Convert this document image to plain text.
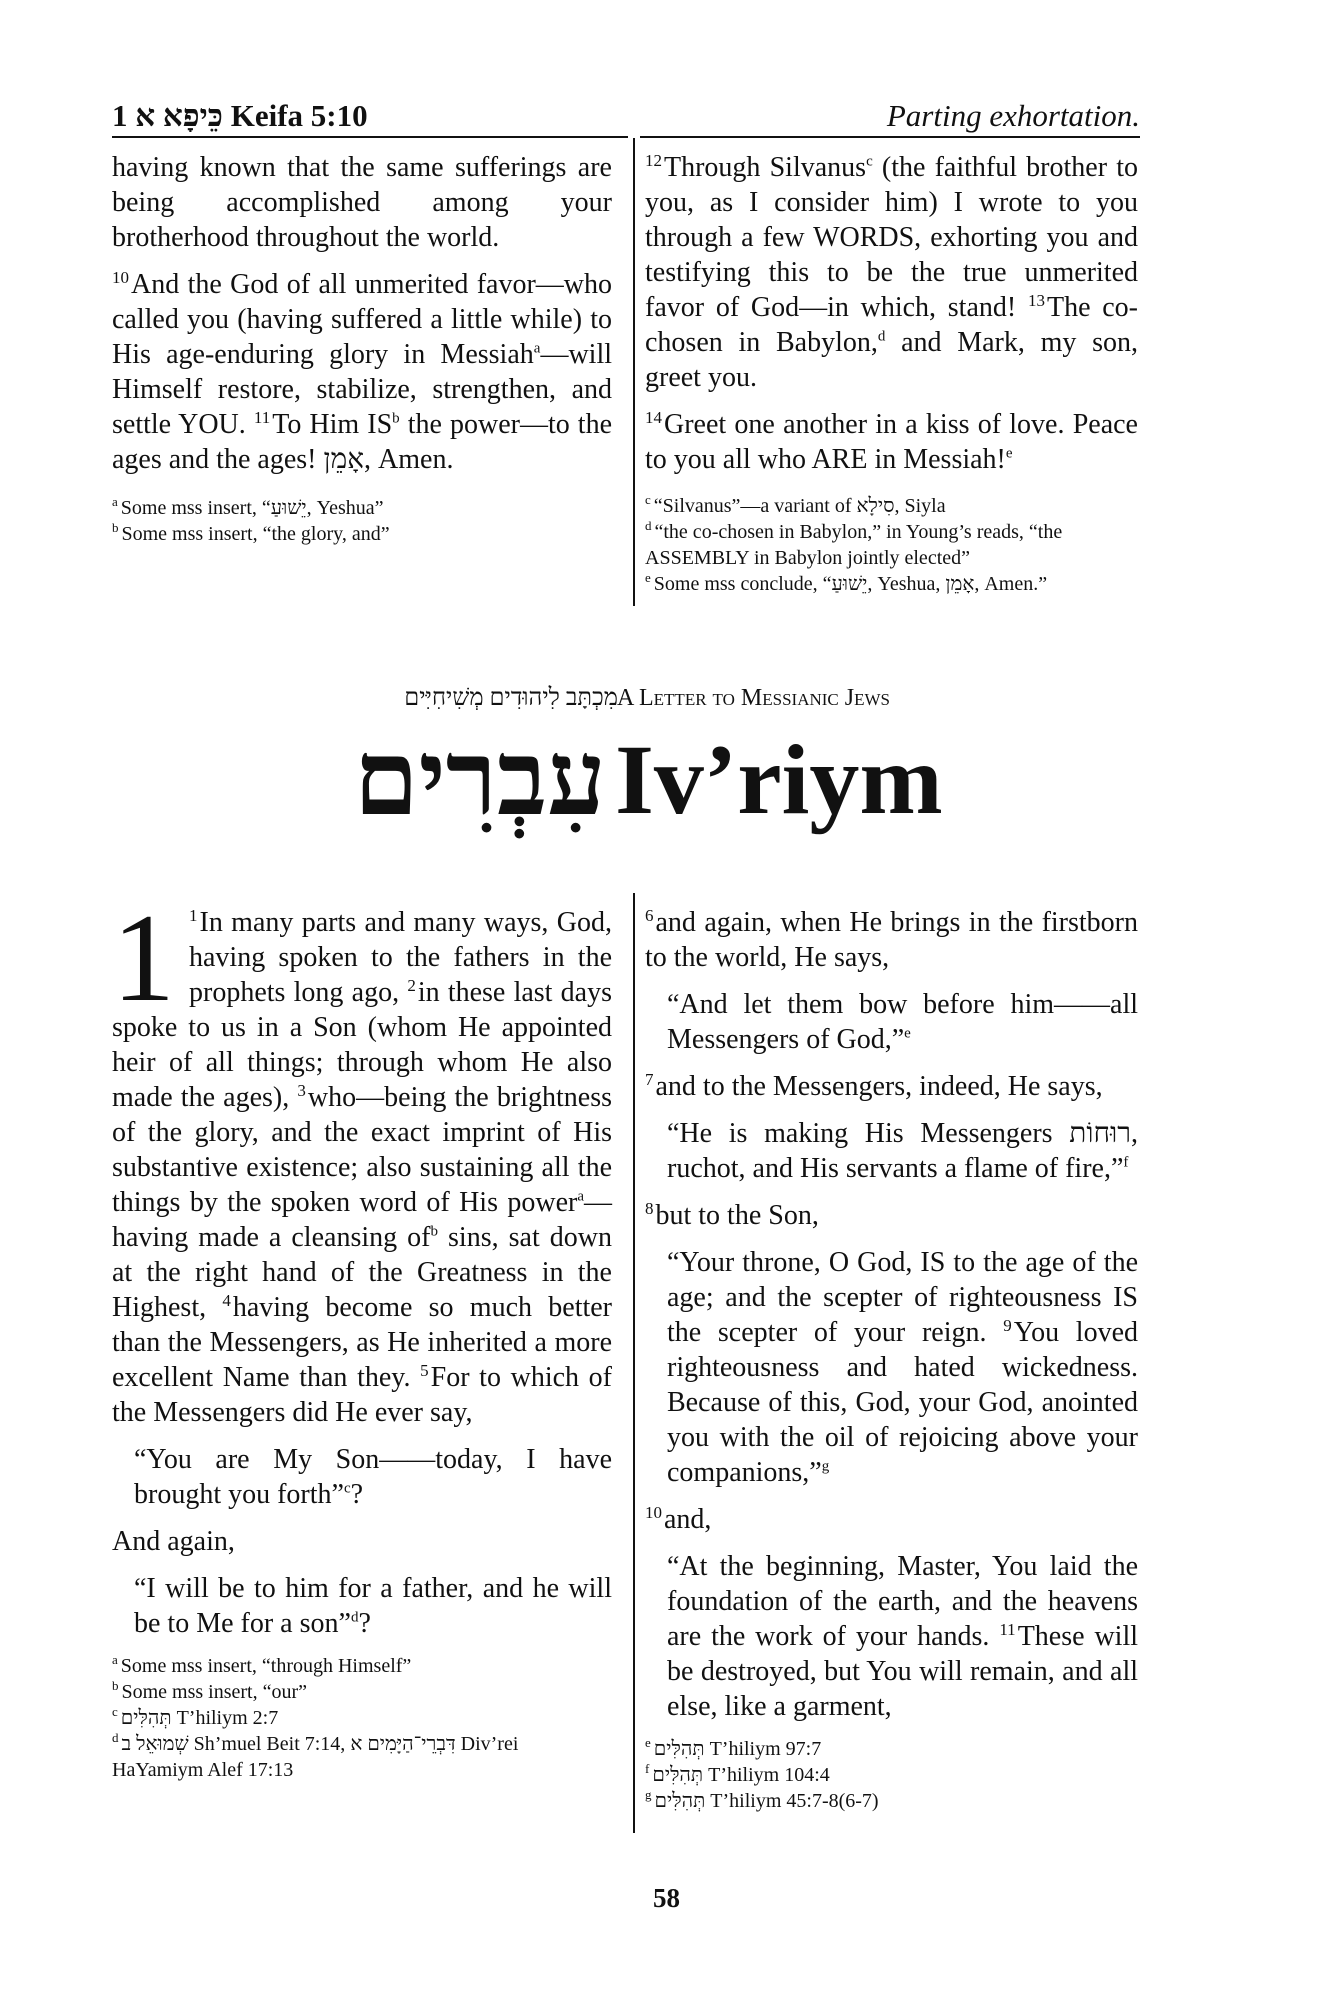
כֵּיפָא א 1 Keifa 5:10	Parting exhortation.

having known that the same sufferings are being accomplished among your brotherhood throughout the world.

$^{10}$And the God of all unmerited favor—who called you (having suffered a little while) to His age-enduring glory in Messiah$^a$—will Himself restore, stabilize, strengthen, and settle YOU. $^{11}$To Him $IS^b$ the power—to the ages and the ages! אָמֵן, Amen.

$^a$ Some mss insert, “יֵשׁוּעַ, Yeshua”
$^b$ Some mss insert, “the glory, and”

$^{12}$Through Silvanus$^c$ (the faithful brother to you, as I consider him) I wrote to you through a few WORDS, exhorting you and testifying this to be the true unmerited favor of God—in which, stand! $^{13}$The co-chosen in Babylon,$^d$ and Mark, my son, greet you.

$^{14}$Greet one another in a kiss of love. Peace to you all who ARE in Messiah!$^e$

$^c$ “Silvanus”—a variant of סִילָא, Siyla
$^d$ “the co-chosen in Babylon,” in Young’s reads, “the ASSEMBLY in Babylon jointly elected”
$^e$ Some mss conclude, “יֵשׁוּעַ, Yeshua, אָמֵן, Amen.”
מִכְתָּב לִיהוּדִים מְשִׁיחִיִּים A Letter to Messianic Jews
עִבְרִים Iv’riym

1 $^1$In many parts and many ways, God, having spoken to the fathers in the prophets long ago, $^2$in these last days spoke to us in a Son (whom He appointed heir of all things; through whom He also made the ages), $^3$who—being the brightness of the glory, and the exact imprint of His substantive existence; also sustaining all the things by the spoken word of His power$^a$—having made a cleansing $of^b$ sins, sat down at the right hand of the Greatness in the Highest, $^4$having become so much better than the Messengers, as He inherited a more excellent Name than they. $^5$For to which of the Messengers did He ever say,

“You are My Son——today, I have brought you forth”$^c$?

And again,

“I will be to him for a father, and he will be to Me for a son”$^d$?

$^a$ Some mss insert, “through Himself”
$^b$ Some mss insert, “our”
$^c$ תְּהִלִּים T’hiliym 2:7
$^d$ שְׁמוּאֵל ב Sh’muel Beit 7:14, דִּבְרֵי־הַיָּמִים א Div’rei HaYamiym Alef 17:13

$^6$and again, when He brings in the firstborn to the world, He says,

“And let them bow before him——all Messengers of God,”$^e$

$^7$and to the Messengers, indeed, He says,

“He is making His Messengers רוּחוֹת, ruchot, and His servants a flame of fire,”$^f$

$^8$but to the Son,

“Your throne, O God, IS to the age of the age; and the scepter of righteousness IS the scepter of your reign. $^9$You loved righteousness and hated wickedness. Because of this, God, your God, anointed you with the oil of rejoicing above your companions,”$^g$

$^{10}$and,

“At the beginning, Master, You laid the foundation of the earth, and the heavens are the work of your hands. $^{11}$These will be destroyed, but You will remain, and all else, like a garment,

$^e$ תְּהִלִּים T’hiliym 97:7
$^f$ תְּהִלִּים T’hiliym 104:4
$^g$ תְּהִלִּים T’hiliym 45:7-8(6-7)
58
